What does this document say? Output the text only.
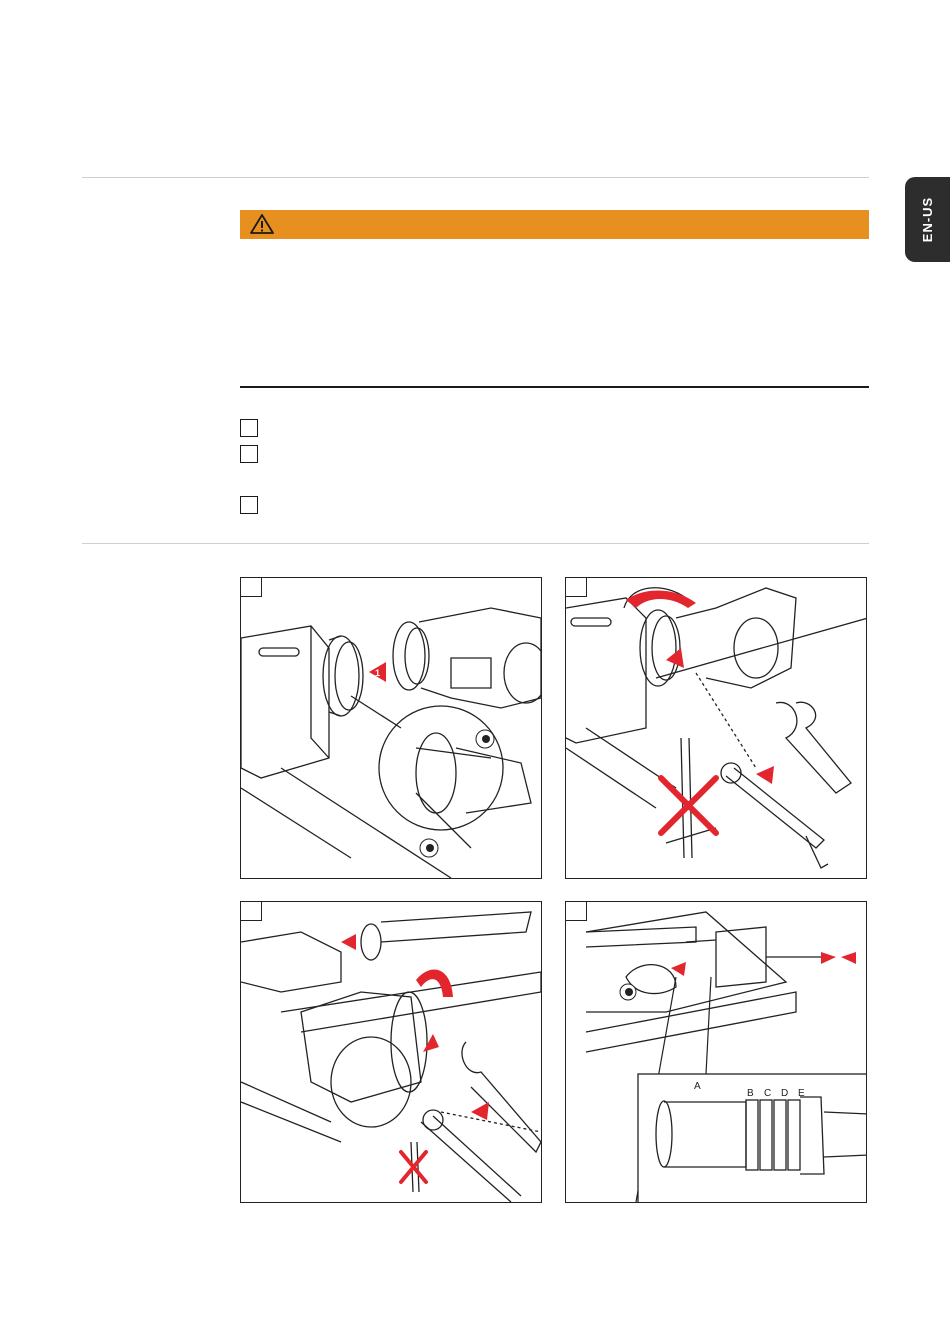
EN-US
1
A
B C D E
